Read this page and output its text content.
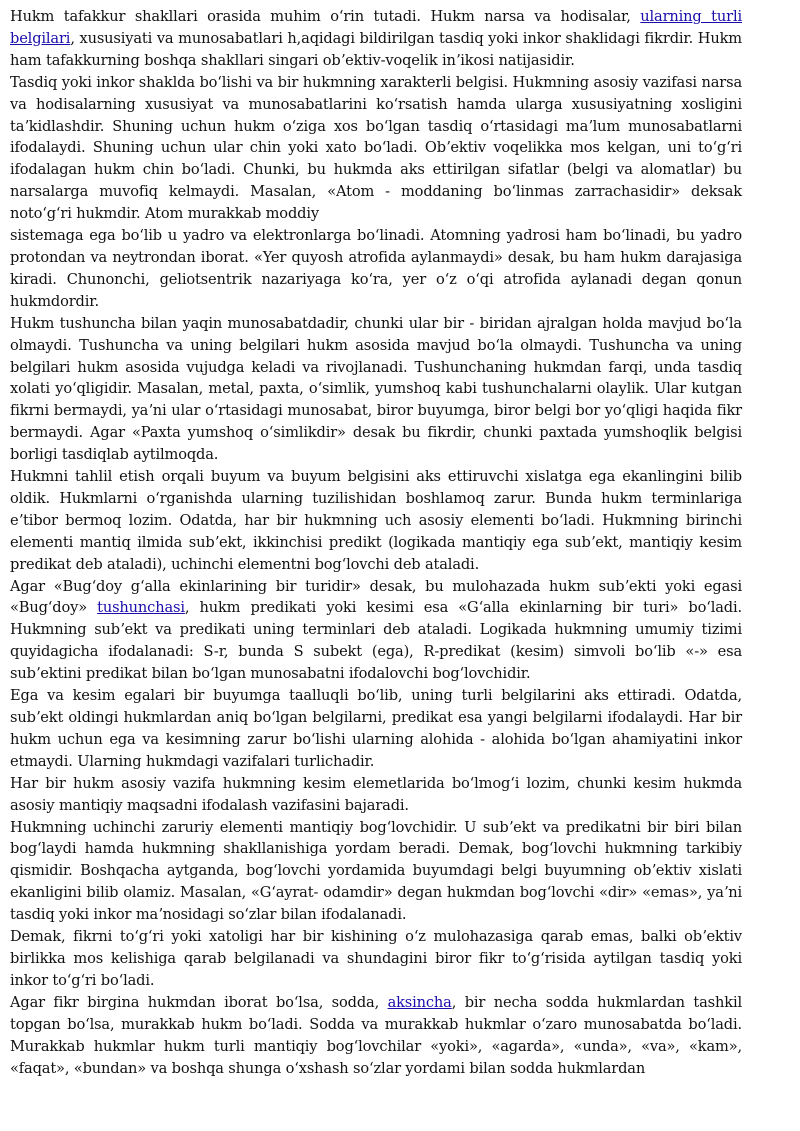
Hukm tafakkur shakllari orasida muhim oʻrin tutadi. Hukm narsa va hodisalar, ularning turli belgilari, xususiyati va munosabatlari h,aqidagi bildirilgan tasdiq yoki inkor shaklidagi fikrdir. Hukm ham tafakkurning boshqa shakllari singari obʼektiv-voqelik inʼikosi natijasidir.

Tasdiq yoki inkor shaklda boʻlishi va bir hukmning xarakterli belgisi. Hukmning asosiy vazifasi narsa va hodisalarning xususiyat va munosabatlarini koʻrsatish hamda ularga xususiyatning xosligini taʼkidlashdir. Shuning uchun hukm oʻziga xos boʻlgan tasdiq oʻrtasidagi maʼlum munosabatlarni ifodalaydi. Shuning uchun ular chin yoki xato boʻladi. Obʼektiv voqelikka mos kelgan, uni toʻgʻri ifodalagan hukm chin boʻladi. Chunki, bu hukmda aks ettirilgan sifatlar (belgi va alomatlar) bu narsalarga muvofiq kelmaydi. Masalan, «Atom - moddaning boʻlinmas zarrachasidir» deksak notoʻgʻri hukmdir. Atom murakkab moddiy

sistemaga ega boʻlib u yadro va elektronlarga boʻlinadi. Atomning yadrosi ham boʻlinadi, bu yadro protondan va neytrondan iborat. «Yer quyosh atrofida aylanmaydi» desak, bu ham hukm darajasiga kiradi. Chunonchi, geliotsentrik nazariyaga koʻra, yer oʻz oʻqi atrofida aylanadi degan qonun hukmdordir.

Hukm tushuncha bilan yaqin munosabatdadir, chunki ular bir - biridan ajralgan holda mavjud boʻla olmaydi. Tushuncha va uning belgilari hukm asosida mavjud boʻla olmaydi. Tushuncha va uning belgilari hukm asosida vujudga keladi va rivojlanadi. Tushunchaning hukmdan farqi, unda tasdiq xolati yoʻqligidir. Masalan, metal, paxta, oʻsimlik, yumshoq kabi tushunchalarni olaylik. Ular kutgan fikrni bermaydi, yaʼni ular oʻrtasidagi munosabat, biror buyumga, biror belgi bor yoʻqligi haqida fikr bermaydi. Agar «Paxta yumshoq oʻsimlikdir» desak bu fikrdir, chunki paxtada yumshoqlik belgisi borligi tasdiqlab aytilmoqda.

Hukmni tahlil etish orqali buyum va buyum belgisini aks ettiruvchi xislatga ega ekanlingini bilib oldik. Hukmlarni oʻrganishda ularning tuzilishidan boshlamoq zarur. Bunda hukm terminlariga eʼtibor bermoq lozim. Odatda, har bir hukmning uch asosiy elementi boʻladi. Hukmning birinchi elementi mantiq ilmida subʼekt, ikkinchisi predikt (logikada mantiqiy ega subʼekt, mantiqiy kesim predikat deb ataladi), uchinchi elementni bogʻlovchi deb ataladi.

Agar «Bugʻdoy gʻalla ekinlarining bir turidir» desak, bu mulohazada hukm subʼekti yoki egasi «Bugʻdoy» tushunchasi, hukm predikati yoki kesimi esa «Gʻalla ekinlarning bir turi» boʻladi. Hukmning subʼekt va predikati uning terminlari deb ataladi. Logikada hukmning umumiy tizimi quyidagicha ifodalanadi: S-r, bunda S subekt (ega), R-predikat (kesim) simvoli boʻlib «-» esa subʼektini predikat bilan boʻlgan munosabatni ifodalovchi bogʻlovchidir.

Ega va kesim egalari bir buyumga taalluqli boʻlib, uning turli belgilarini aks ettiradi. Odatda, subʼekt oldingi hukmlardan aniq boʻlgan belgilarni, predikat esa yangi belgilarni ifodalaydi. Har bir hukm uchun ega va kesimning zarur boʻlishi ularning alohida - alohida boʻlgan ahamiyatini inkor etmaydi. Ularning hukmdagi vazifalari turlichadir.

Har bir hukm asosiy vazifa hukmning kesim elemetlarida boʻlmogʻi lozim, chunki kesim hukmda asosiy mantiqiy maqsadni ifodalash vazifasini bajaradi.

Hukmning uchinchi zaruriy elementi mantiqiy bogʻlovchidir. U subʼekt va predikatni bir biri bilan bogʻlaydi hamda hukmning shakllanishiga yordam beradi. Demak, bogʻlovchi hukmning tarkibiy qismidir. Boshqacha aytganda, bogʻlovchi yordamida buyumdagi belgi buyumning obʼektiv xislati ekanligini bilib olamiz. Masalan, «Gʻayrat- odamdir» degan hukmdan bogʻlovchi «dir» «emas», yaʼni tasdiq yoki inkor maʼnosidagi soʻzlar bilan ifodalanadi.

Demak, fikrni toʻgʻri yoki xatoligi har bir kishining oʻz mulohazasiga qarab emas, balki obʼektiv birlikka mos kelishiga qarab belgilanadi va shundagini biror fikr toʻgʻrisida aytilgan tasdiq yoki inkor toʻgʻri boʻladi.

Agar fikr birgina hukmdan iborat boʻlsa, sodda, aksincha, bir necha sodda hukmlardan tashkil topgan boʻlsa, murakkab hukm boʻladi. Sodda va murakkab hukmlar oʻzaro munosabatda boʻladi. Murakkab hukmlar hukm turli mantiqiy bogʻlovchilar «yoki», «agarda», «unda», «va», «kam», «faqat», «bundan» va boshqa shunga oʻxshash soʻzlar yordami bilan sodda hukmlardan
